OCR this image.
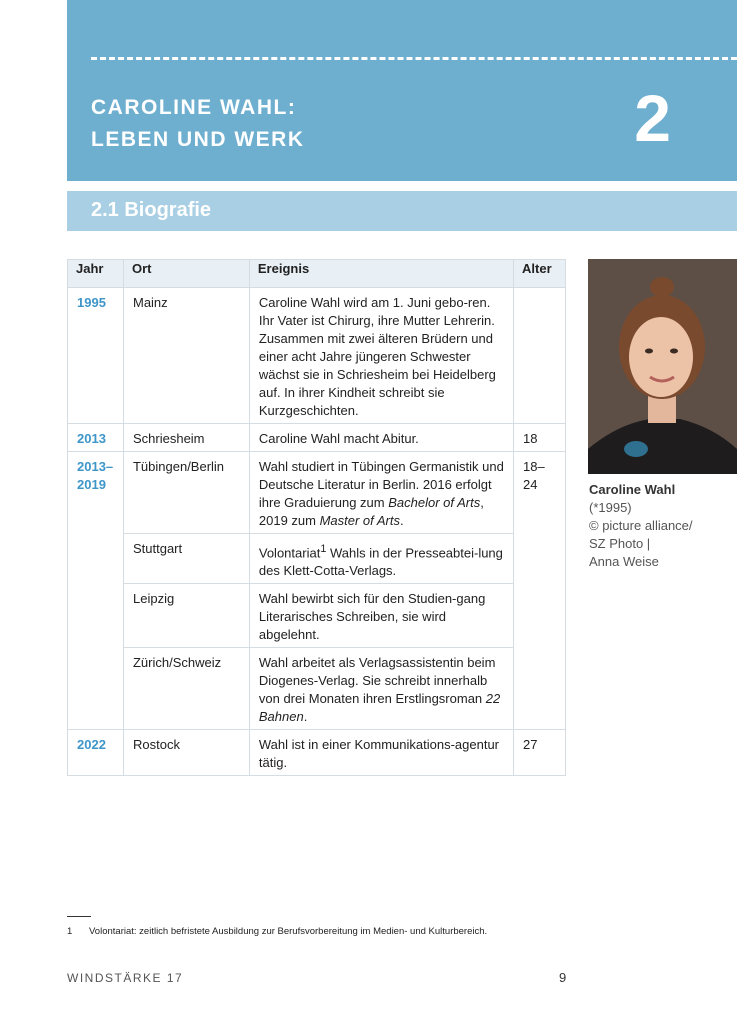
CAROLINE WAHL:
LEBEN UND WERK	2
2.1 Biografie
Jahr	Ort	Ereignis	Alter
1995	Mainz	Caroline Wahl wird am 1. Juni gebo-ren. Ihr Vater ist Chirurg, ihre Mutter Lehrerin. Zusammen mit zwei älteren Brüdern und einer acht Jahre jüngeren Schwester wächst sie in Schriesheim bei Heidelberg auf. In ihrer Kindheit schreibt sie Kurzgeschichten.	
2013	Schriesheim	Caroline Wahl macht Abitur.	18
2013–
2019	Tübingen/Berlin	Wahl studiert in Tübingen Germanistik und Deutsche Literatur in Berlin. 2016 erfolgt ihre Graduierung zum Bachelor of Arts, 2019 zum Master of Arts.	18–24
	Stuttgart	Volontariat$^1$ Wahls in der Presseabtei-lung des Klett-Cotta-Verlags.	
	Leipzig	Wahl bewirbt sich für den Studien-gang Literarisches Schreiben, sie wird abgelehnt.	
	Zürich/Schweiz	Wahl arbeitet als Verlagsassistentin beim Diogenes-Verlag. Sie schreibt innerhalb von drei Monaten ihren Erstlingsroman 22 Bahnen.	
2022	Rostock	Wahl ist in einer Kommunikations-agentur tätig.	27
Caroline Wahl
(*1995)
© picture alliance/
SZ Photo |
Anna Weise
1 Volontariat: zeitlich befristete Ausbildung zur Berufsvorbereitung im Medien- und Kulturbereich.
WINDSTÄRKE 17	9
